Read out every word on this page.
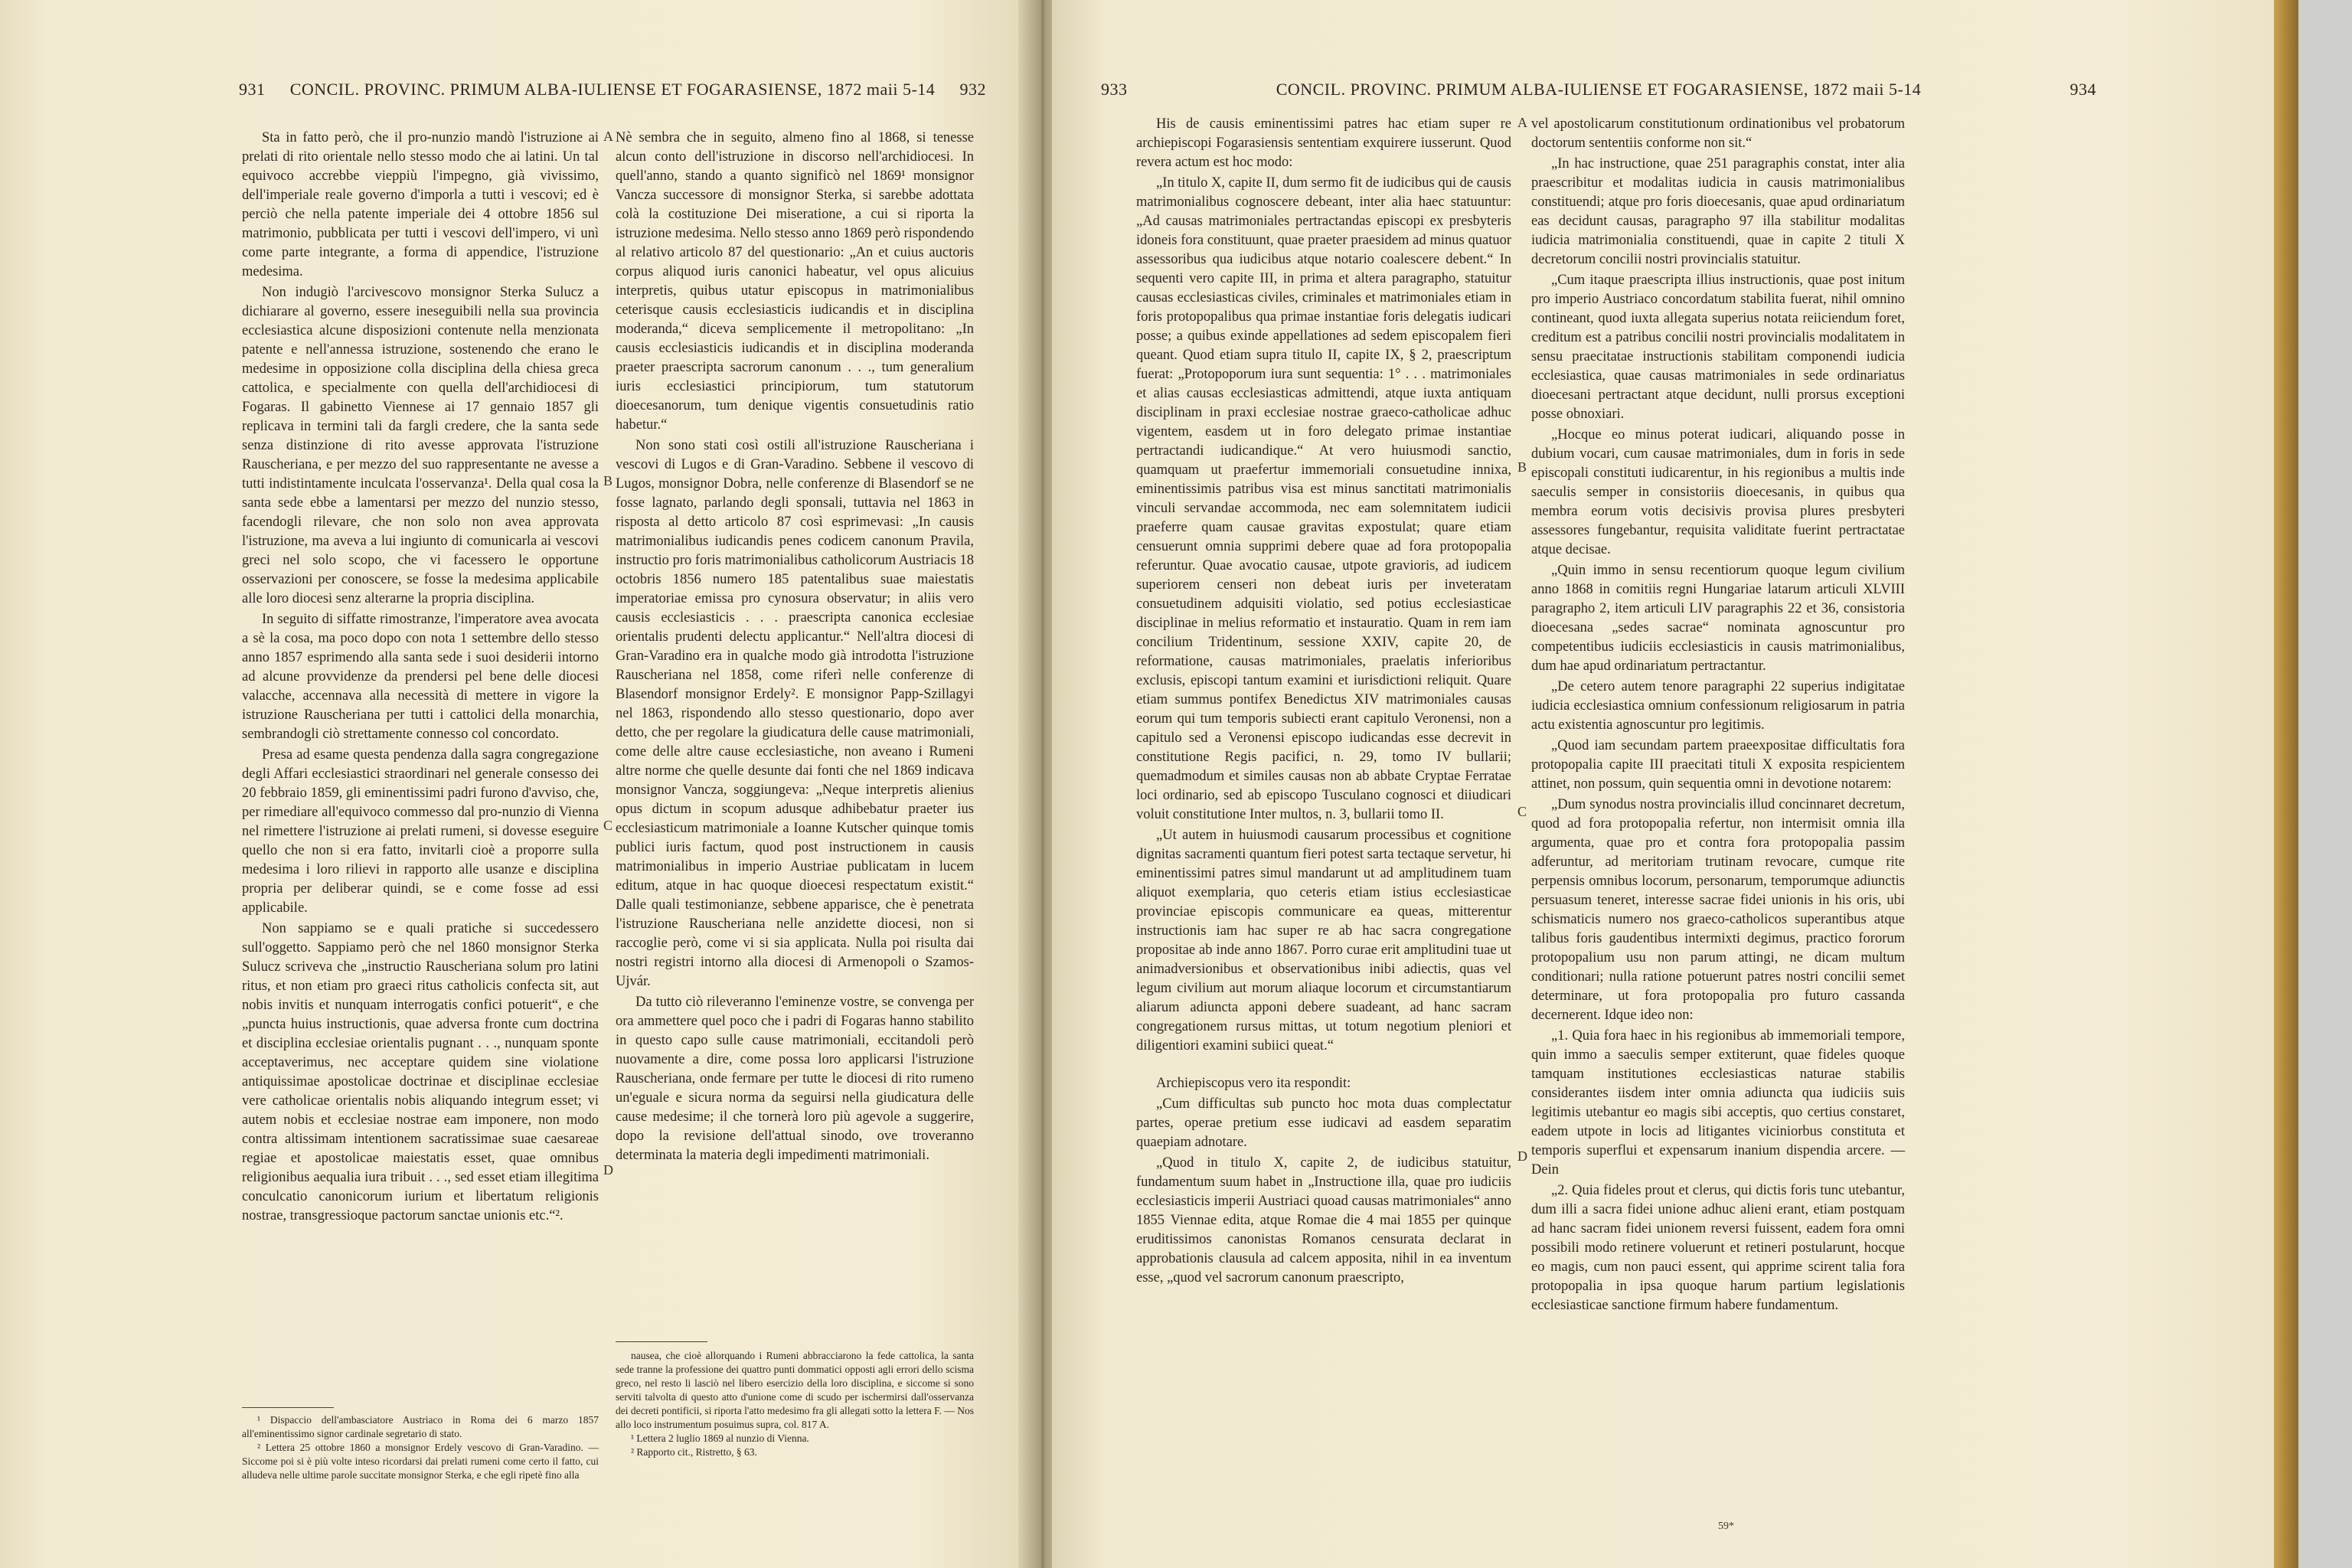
931	CONCIL. PROVINC. PRIMUM ALBA-IULIENSE ET FOGARASIENSE, 1872 maii 5-14	932

Sta in fatto però, che il pro-nunzio mandò l'istruzione ai prelati di rito orientale nello stesso modo che ai latini. Un tal equivoco accrebbe vieppiù l'impegno, già vivissimo, dell'imperiale reale governo d'imporla a tutti i vescovi; ed è perciò che nella patente imperiale dei 4 ottobre 1856 sul matrimonio, pubblicata per tutti i vescovi dell'impero, vi unì come parte integrante, a forma di appendice, l'istruzione medesima.

Non indugiò l'arcivescovo monsignor Sterka Sulucz a dichiarare al governo, essere ineseguibili nella sua provincia ecclesiastica alcune disposizioni contenute nella menzionata patente e nell'annessa istruzione, sostenendo che erano le medesime in opposizione colla disciplina della chiesa greca cattolica, e specialmente con quella dell'archidiocesi di Fogaras. Il gabinetto Viennese ai 17 gennaio 1857 gli replicava in termini tali da fargli credere, che la santa sede senza distinzione di rito avesse approvata l'istruzione Rauscheriana, e per mezzo del suo rappresentante ne avesse a tutti indistintamente inculcata l'osservanza¹. Della qual cosa la santa sede ebbe a lamentarsi per mezzo del nunzio stesso, facendogli rilevare, che non solo non avea approvata l'istruzione, ma aveva a lui ingiunto di comunicarla ai vescovi greci nel solo scopo, che vi facessero le opportune osservazioni per conoscere, se fosse la medesima applicabile alle loro diocesi senz alterarne la propria disciplina.

In seguito di siffatte rimostranze, l'imperatore avea avocata a sè la cosa, ma poco dopo con nota 1 settembre dello stesso anno 1857 esprimendo alla santa sede i suoi desiderii intorno ad alcune provvidenze da prendersi pel bene delle diocesi valacche, accennava alla necessità di mettere in vigore la istruzione Rauscheriana per tutti i cattolici della monarchia, sembrandogli ciò strettamente connesso col concordato.

Presa ad esame questa pendenza dalla sagra congregazione degli Affari ecclesiastici straordinari nel generale consesso dei 20 febbraio 1859, gli eminentissimi padri furono d'avviso, che, per rimediare all'equivoco commesso dal pro-nunzio di Vienna nel rimettere l'istruzione ai prelati rumeni, si dovesse eseguire quello che non si era fatto, invitarli cioè a proporre sulla medesima i loro rilievi in rapporto alle usanze e disciplina propria per deliberar quindi, se e come fosse ad essi applicabile.

Non sappiamo se e quali pratiche si succedessero sull'oggetto. Sappiamo però che nel 1860 monsignor Sterka Sulucz scriveva che „instructio Rauscheriana solum pro latini ritus, et non etiam pro graeci ritus catholicis confecta sit, aut nobis invitis et nunquam interrogatis confici potuerit“, e che „puncta huius instructionis, quae adversa fronte cum doctrina et disciplina ecclesiae orientalis pugnant . . ., nunquam sponte acceptaverimus, nec acceptare quidem sine violatione antiquissimae apostolicae doctrinae et disciplinae ecclesiae vere catholicae orientalis nobis aliquando integrum esset; vi autem nobis et ecclesiae nostrae eam imponere, non modo contra altissimam intentionem sacratissimae suae caesareae regiae et apostolicae maiestatis esset, quae omnibus religionibus aequalia iura tribuit . . ., sed esset etiam illegitima conculcatio canonicorum iurium et libertatum religionis nostrae, transgressioque pactorum sanctae unionis etc.“².

¹ Dispaccio dell'ambasciatore Austriaco in Roma dei 6 marzo 1857 all'eminentissimo signor cardinale segretario di stato.

² Lettera 25 ottobre 1860 a monsignor Erdely vescovo di Gran-Varadino. — Siccome poi si è più volte inteso ricordarsi dai prelati rumeni come certo il fatto, cui alludeva nelle ultime parole succitate monsignor Sterka, e che egli ripetè fino alla

A
B
C
D

Nè sembra che in seguito, almeno fino al 1868, si tenesse alcun conto dell'istruzione in discorso nell'archidiocesi. In quell'anno, stando a quanto significò nel 1869¹ monsignor Vancza successore di monsignor Sterka, si sarebbe adottata colà la costituzione Dei miseratione, a cui si riporta la istruzione medesima. Nello stesso anno 1869 però rispondendo al relativo articolo 87 del questionario: „An et cuius auctoris corpus aliquod iuris canonici habeatur, vel opus alicuius interpretis, quibus utatur episcopus in matrimonialibus ceterisque causis ecclesiasticis iudicandis et in disciplina moderanda,“ diceva semplicemente il metropolitano: „In causis ecclesiasticis iudicandis et in disciplina moderanda praeter praescripta sacrorum canonum . . ., tum generalium iuris ecclesiastici principiorum, tum statutorum dioecesanorum, tum denique vigentis consuetudinis ratio habetur.“

Non sono stati così ostili all'istruzione Rauscheriana i vescovi di Lugos e di Gran-Varadino. Sebbene il vescovo di Lugos, monsignor Dobra, nelle conferenze di Blasendorf se ne fosse lagnato, parlando degli sponsali, tuttavia nel 1863 in risposta al detto articolo 87 così esprimevasi: „In causis matrimonialibus iudicandis penes codicem canonum Pravila, instructio pro foris matrimonialibus catholicorum Austriacis 18 octobris 1856 numero 185 patentalibus suae maiestatis imperatoriae emissa pro cynosura observatur; in aliis vero causis ecclesiasticis . . . praescripta canonica ecclesiae orientalis prudenti delectu applicantur.“ Nell'altra diocesi di Gran-Varadino era in qualche modo già introdotta l'istruzione Rauscheriana nel 1858, come riferì nelle conferenze di Blasendorf monsignor Erdely². E monsignor Papp-Szillagyi nel 1863, rispondendo allo stesso questionario, dopo aver detto, che per regolare la giudicatura delle cause matrimoniali, come delle altre cause ecclesiastiche, non aveano i Rumeni altre norme che quelle desunte dai fonti che nel 1869 indicava monsignor Vancza, soggiungeva: „Neque interpretis alienius opus dictum in scopum adusque adhibebatur praeter ius ecclesiasticum matrimoniale a Ioanne Kutscher quinque tomis publici iuris factum, quod post instructionem in causis matrimonialibus in imperio Austriae publicatam in lucem editum, atque in hac quoque dioecesi respectatum existit.“ Dalle quali testimonianze, sebbene apparisce, che è penetrata l'istruzione Rauscheriana nelle anzidette diocesi, non si raccoglie però, come vi si sia applicata. Nulla poi risulta dai nostri registri intorno alla diocesi di Armenopoli o Szamos-Ujvár.

Da tutto ciò rileveranno l'eminenze vostre, se convenga per ora ammettere quel poco che i padri di Fogaras hanno stabilito in questo capo sulle cause matrimoniali, eccitandoli però nuovamente a dire, come possa loro applicarsi l'istruzione Rauscheriana, onde fermare per tutte le diocesi di rito rumeno un'eguale e sicura norma da seguirsi nella giudicatura delle cause medesime; il che tornerà loro più agevole a suggerire, dopo la revisione dell'attual sinodo, ove troveranno determinata la materia degli impedimenti matrimoniali.

nausea, che cioè allorquando i Rumeni abbracciarono la fede cattolica, la santa sede tranne la professione dei quattro punti dommatici opposti agli errori dello scisma greco, nel resto li lasciò nel libero esercizio della loro disciplina, e siccome si sono serviti talvolta di questo atto d'unione come di scudo per ischermirsi dall'osservanza dei decreti pontificii, si riporta l'atto medesimo fra gli allegati sotto la lettera F. — Nos allo loco instrumentum posuimus supra, col. 817 A.

¹ Lettera 2 luglio 1869 al nunzio di Vienna.

² Rapporto cit., Ristretto, § 63.

933	CONCIL. PROVINC. PRIMUM ALBA-IULIENSE ET FOGARASIENSE, 1872 maii 5-14	934

His de causis eminentissimi patres hac etiam super re archiepiscopi Fogarasiensis sententiam exquirere iusserunt. Quod revera actum est hoc modo:

„In titulo X, capite II, dum sermo fit de iudicibus qui de causis matrimonialibus cognoscere debeant, inter alia haec statuuntur: „Ad causas matrimoniales pertractandas episcopi ex presbyteris idoneis fora constituunt, quae praeter praesidem ad minus quatuor assessoribus qua iudicibus atque notario coalescere debent.“ In sequenti vero capite III, in prima et altera paragrapho, statuitur causas ecclesiasticas civiles, criminales et matrimoniales etiam in foris protopopalibus qua primae instantiae foris delegatis iudicari posse; a quibus exinde appellationes ad sedem episcopalem fieri queant. Quod etiam supra titulo II, capite IX, § 2, praescriptum fuerat: „Protopoporum iura sunt sequentia: 1° . . . matrimoniales et alias causas ecclesiasticas admittendi, atque iuxta antiquam disciplinam in praxi ecclesiae nostrae graeco-catholicae adhuc vigentem, easdem ut in foro delegato primae instantiae pertractandi iudicandique.“ At vero huiusmodi sanctio, quamquam ut praefertur immemoriali consuetudine innixa, eminentissimis patribus visa est minus sanctitati matrimonialis vinculi servandae accommoda, nec eam solemnitatem iudicii praeferre quam causae gravitas expostulat; quare etiam censuerunt omnia supprimi debere quae ad fora protopopalia referuntur. Quae avocatio causae, utpote gravioris, ad iudicem superiorem censeri non debeat iuris per inveteratam consuetudinem adquisiti violatio, sed potius ecclesiasticae disciplinae in melius reformatio et instauratio. Quam in rem iam concilium Tridentinum, sessione XXIV, capite 20, de reformatione, causas matrimoniales, praelatis inferioribus exclusis, episcopi tantum examini et iurisdictioni reliquit. Quare etiam summus pontifex Benedictus XIV matrimoniales causas eorum qui tum temporis subiecti erant capitulo Veronensi, non a capitulo sed a Veronensi episcopo iudicandas esse decrevit in constitutione Regis pacifici, n. 29, tomo IV bullarii; quemadmodum et similes causas non ab abbate Cryptae Ferratae loci ordinario, sed ab episcopo Tusculano cognosci et diiudicari voluit constitutione Inter multos, n. 3, bullarii tomo II.

„Ut autem in huiusmodi causarum processibus et cognitione dignitas sacramenti quantum fieri potest sarta tectaque servetur, hi eminentissimi patres simul mandarunt ut ad amplitudinem tuam aliquot exemplaria, quo ceteris etiam istius ecclesiasticae provinciae episcopis communicare ea queas, mitterentur instructionis iam hac super re ab hac sacra congregatione propositae ab inde anno 1867. Porro curae erit amplitudini tuae ut animadversionibus et observationibus inibi adiectis, quas vel legum civilium aut morum aliaque locorum et circumstantiarum aliarum adiuncta apponi debere suadeant, ad hanc sacram congregationem rursus mittas, ut totum negotium pleniori et diligentiori examini subiici queat.“

Archiepiscopus vero ita respondit:

„Cum difficultas sub puncto hoc mota duas complectatur partes, operae pretium esse iudicavi ad easdem separatim quaepiam adnotare.

„Quod in titulo X, capite 2, de iudicibus statuitur, fundamentum suum habet in „Instructione illa, quae pro iudiciis ecclesiasticis imperii Austriaci quoad causas matrimoniales“ anno 1855 Viennae edita, atque Romae die 4 mai 1855 per quinque eruditissimos canonistas Romanos censurata declarat in approbationis clausula ad calcem apposita, nihil in ea inventum esse, „quod vel sacrorum canonum praescripto,

A
B
C
D

vel apostolicarum constitutionum ordinationibus vel probatorum doctorum sententiis conforme non sit.“

„In hac instructione, quae 251 paragraphis constat, inter alia praescribitur et modalitas iudicia in causis matrimonialibus constituendi; atque pro foris dioecesanis, quae apud ordinariatum eas decidunt causas, paragrapho 97 illa stabilitur modalitas iudicia matrimonialia constituendi, quae in capite 2 tituli X decretorum concilii nostri provincialis statuitur.

„Cum itaque praescripta illius instructionis, quae post initum pro imperio Austriaco concordatum stabilita fuerat, nihil omnino contineant, quod iuxta allegata superius notata reiiciendum foret, creditum est a patribus concilii nostri provincialis modalitatem in sensu praecitatae instructionis stabilitam componendi iudicia ecclesiastica, quae causas matrimoniales in sede ordinariatus dioecesani pertractant atque decidunt, nulli prorsus exceptioni posse obnoxiari.

„Hocque eo minus poterat iudicari, aliquando posse in dubium vocari, cum causae matrimoniales, dum in foris in sede episcopali constituti iudicarentur, in his regionibus a multis inde saeculis semper in consistoriis dioecesanis, in quibus qua membra eorum votis decisivis provisa plures presbyteri assessores fungebantur, requisita validitate fuerint pertractatae atque decisae.

„Quin immo in sensu recentiorum quoque legum civilium anno 1868 in comitiis regni Hungariae latarum articuli XLVIII paragrapho 2, item articuli LIV paragraphis 22 et 36, consistoria dioecesana „sedes sacrae“ nominata agnoscuntur pro competentibus iudiciis ecclesiasticis in causis matrimonialibus, dum hae apud ordinariatum pertractantur.

„De cetero autem tenore paragraphi 22 superius indigitatae iudicia ecclesiastica omnium confessionum religiosarum in patria actu existentia agnoscuntur pro legitimis.

„Quod iam secundam partem praeexpositae difficultatis fora protopopalia capite III praecitati tituli X exposita respicientem attinet, non possum, quin sequentia omni in devotione notarem:

„Dum synodus nostra provincialis illud concinnaret decretum, quod ad fora protopopalia refertur, non intermisit omnia illa argumenta, quae pro et contra fora protopopalia passim adferuntur, ad meritoriam trutinam revocare, cumque rite perpensis omnibus locorum, personarum, temporumque adiunctis persuasum teneret, interesse sacrae fidei unionis in his oris, ubi schismaticis numero nos graeco-catholicos superantibus atque talibus foris gaudentibus intermixti degimus, practico fororum protopopalium usu non parum attingi, ne dicam multum conditionari; nulla ratione potuerunt patres nostri concilii semet determinare, ut fora protopopalia pro futuro cassanda decernerent. Idque ideo non:

„1. Quia fora haec in his regionibus ab immemoriali tempore, quin immo a saeculis semper extiterunt, quae fideles quoque tamquam institutiones ecclesiasticas naturae stabilis considerantes iisdem inter omnia adiuncta qua iudiciis suis legitimis utebantur eo magis sibi acceptis, quo certius constaret, eadem utpote in locis ad litigantes viciniorbus constituta et temporis superflui et expensarum inanium dispendia arcere. — Dein

„2. Quia fideles prout et clerus, qui dictis foris tunc utebantur, dum illi a sacra fidei unione adhuc alieni erant, etiam postquam ad hanc sacram fidei unionem reversi fuissent, eadem fora omni possibili modo retinere voluerunt et retineri postularunt, hocque eo magis, cum non pauci essent, qui apprime scirent talia fora protopopalia in ipsa quoque harum partium legislationis ecclesiasticae sanctione firmum habere fundamentum.

59*
